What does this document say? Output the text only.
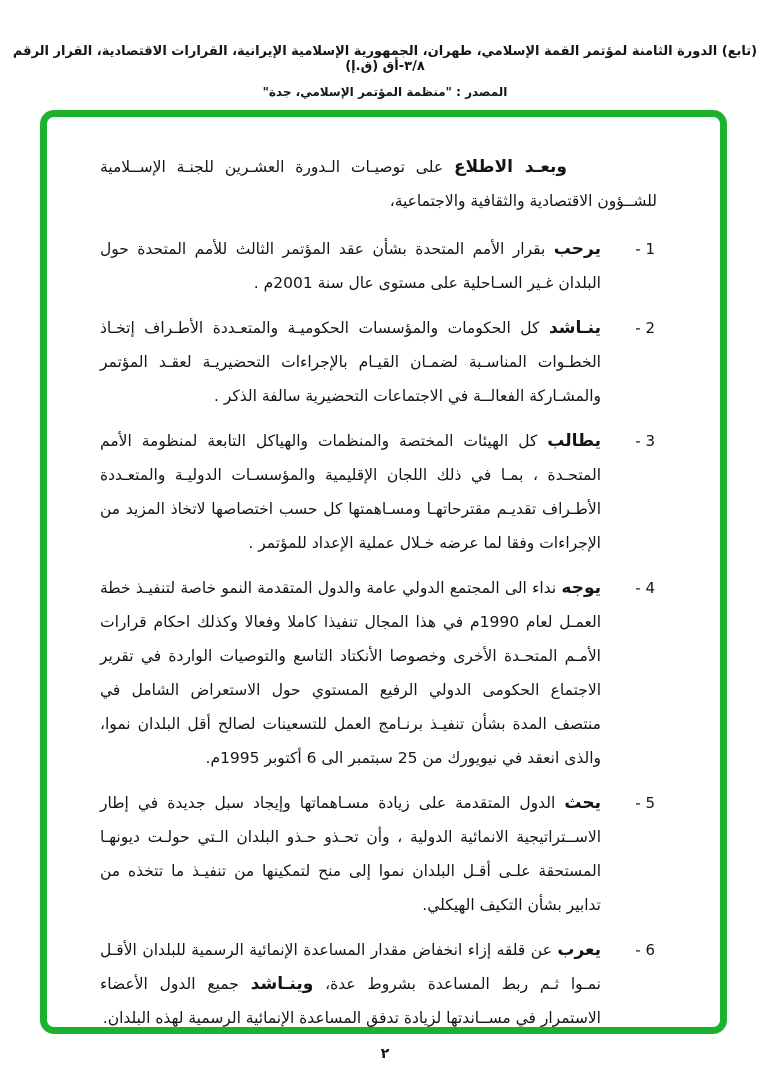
(تابع) الدورة الثامنة لمؤتمر القمة الإسلامي، طهران، الجمهورية الإسلامية الإيرانية، القرارات الاقتصادية، القرار الرقم ٣/٨-أق (ق.إ)
المصدر : "منظمة المؤتمر الإسلامي، جدة"

وبعـد الاطلاع على توصيـات الـدورة العشـرين للجنـة الإســلامية للشــؤون الاقتصادية والثقافية والاجتماعية،

1 -
يرحب بقرار الأمم المتحدة بشأن عقد المؤتمر الثالث للأمم المتحدة حول البلدان غـير السـاحلية على مستوى عال سنة 2001م .
2 -
ينـاشد كل الحكومات والمؤسسات الحكوميـة والمتعـددة الأطـراف إتخـاذ الخطـوات المناسـبة لضمـان القيـام بالإجراءات التحضيريـة لعقـد المؤتمر والمشـاركة الفعالــة في الاجتماعات التحضيرية سالفة الذكر .
3 -
يطالب كل الهيئات المختصة والمنظمات والهياكل التابعة لمنظومة الأمم المتحـدة ، بمـا في ذلك اللجان الإقليمية والمؤسسـات الدوليـة والمتعـددة الأطـراف تقديـم مقترحاتهـا ومسـاهمتها كل حسب اختصاصها لاتخاذ المزيد من الإجراءات وفقا لما عرضه خـلال عملية الإعداد للمؤتمر .
4 -
يوجه نداء الى المجتمع الدولي عامة والدول المتقدمة النمو خاصة لتنفيـذ خطة العمـل لعام 1990م في هذا المجال تنفيذا كاملا وفعالا وكذلك احكام قرارات الأمـم المتحـدة الأخرى وخصوصا الأنكتاد التاسع والتوصيات الواردة في تقرير الاجتماع الحكومى الدولي الرفيع المستوي حول الاستعراض الشامل في منتصف المدة بشأن تنفيـذ برنـامج العمل للتسعينات لصالح أقل البلدان نموا، والذى انعقد في نيويورك من 25 سبتمبر الى 6 أكتوبر 1995م.
5 -
يحث الدول المتقدمة على زيادة مسـاهماتها وإيجاد سبل جديدة في إطار الاســتراتيجية الانمائية الدولية ، وأن تحـذو حـذو البلدان الـتي حولـت ديونهـا المستحقة علـى أقـل البلدان نموا إلى منح لتمكينها من تنفيـذ ما تتخذه من تدابير بشأن التكيف الهيكلي.
6 -
يعرب عن قلقه إزاء انخفاض مقدار المساعدة الإنمائية الرسمية للبلدان الأقـل نمـوا ثـم ربط المساعدة بشروط عدة، وينـاشد جميع الدول الأعضاء الاستمرار في مســاندتها لزيادة تدفق المساعدة الإنمائية الرسمية لهذه البلدان.
٢
